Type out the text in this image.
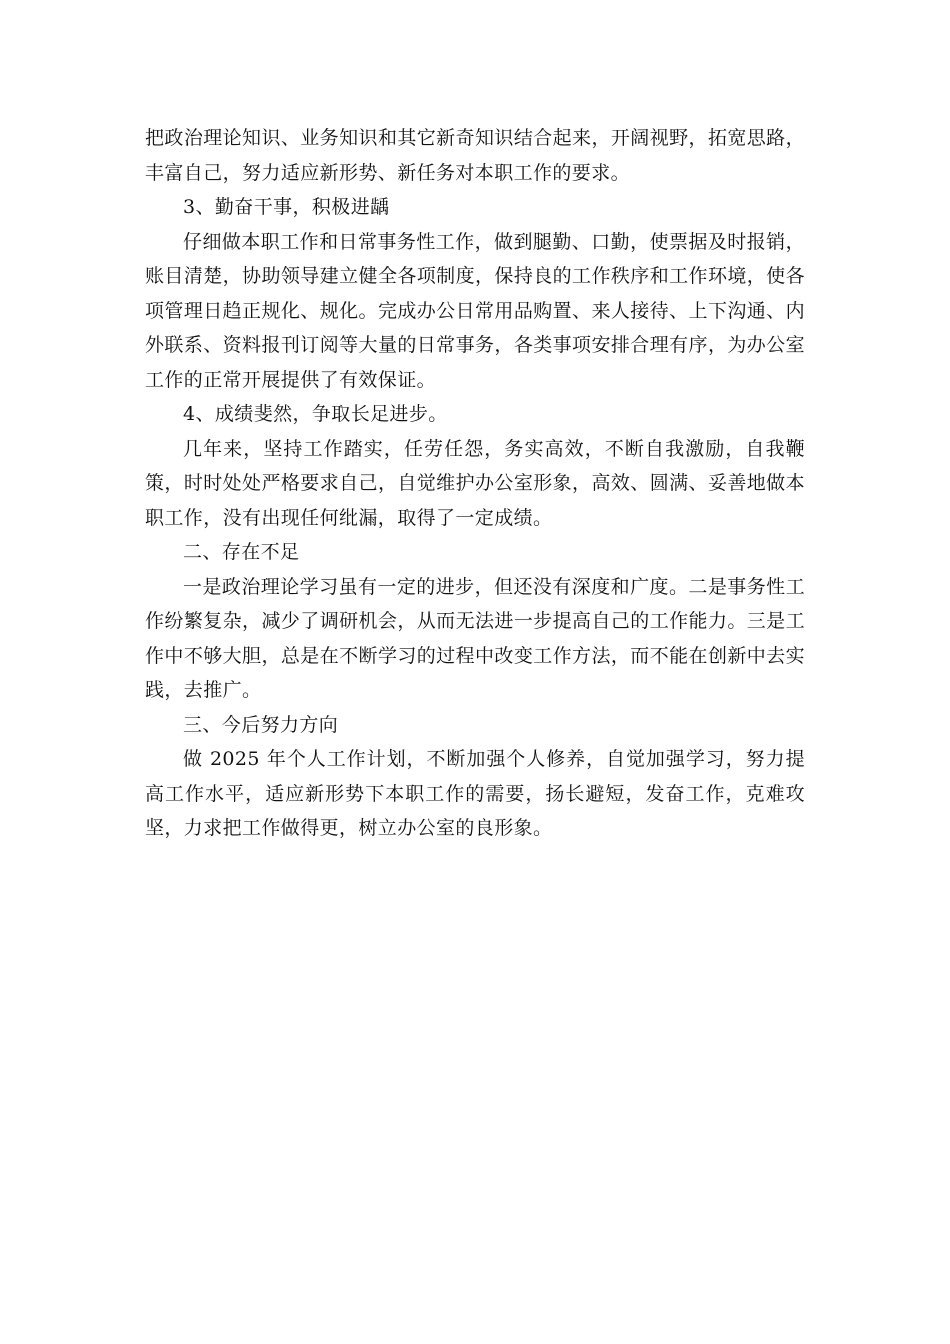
把政治理论知识、业务知识和其它新奇知识结合起来，开阔视野，拓宽思路，丰富自己，努力适应新形势、新任务对本职工作的要求。

3、勤奋干事，积极进龋

仔细做本职工作和日常事务性工作，做到腿勤、口勤，使票据及时报销，账目清楚，协助领导建立健全各项制度，保持良的工作秩序和工作环境，使各项管理日趋正规化、规化。完成办公日常用品购置、来人接待、上下沟通、内外联系、资料报刊订阅等大量的日常事务，各类事项安排合理有序，为办公室工作的正常开展提供了有效保证。

4、成绩斐然，争取长足进步。

几年来，坚持工作踏实，任劳任怨，务实高效，不断自我激励，自我鞭策，时时处处严格要求自己，自觉维护办公室形象，高效、圆满、妥善地做本职工作，没有出现任何纰漏，取得了一定成绩。

二、存在不足

一是政治理论学习虽有一定的进步，但还没有深度和广度。二是事务性工作纷繁复杂，减少了调研机会，从而无法进一步提高自己的工作能力。三是工作中不够大胆，总是在不断学习的过程中改变工作方法，而不能在创新中去实践，去推广。

三、今后努力方向

做 2025 年个人工作计划，不断加强个人修养，自觉加强学习，努力提高工作水平，适应新形势下本职工作的需要，扬长避短，发奋工作，克难攻坚，力求把工作做得更，树立办公室的良形象。
